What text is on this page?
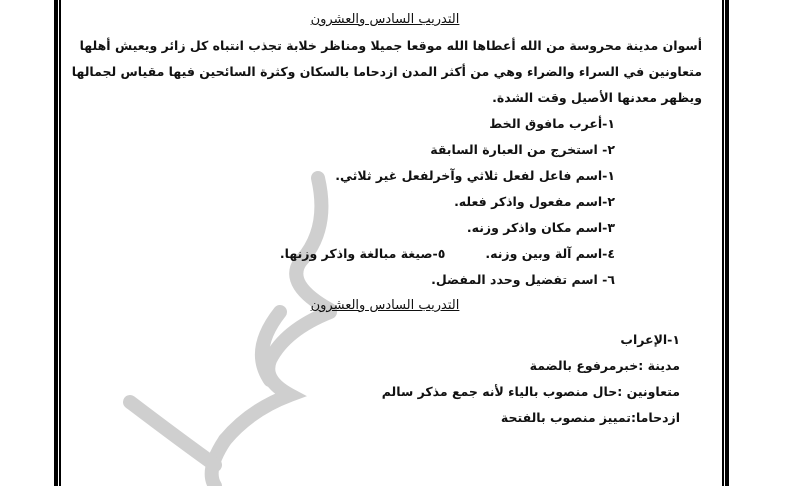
التدريب السادس والعشرون
أسوان مدينة محروسة من الله أعطاها الله موقعا جميلا ومناظر خلابة تجذب انتباه كل زائر ويعيش أهلها
متعاونين في السراء والضراء وهي من أكثر المدن ازدحاما بالسكان وكثرة السائحين فيها مقياس لجمالها
ويظهر معدنها الأصيل وقت الشدة.
١-أعرب مافوق الخط
٢- استخرج من العبارة السابقة
١-اسم فاعل لفعل ثلاثي وآخرلفعل غير ثلاثي.
٢-اسم مفعول واذكر فعله.
٣-اسم مكان واذكر وزنه.
٤-اسم آلة وبين وزنه.
٥-صيغة مبالغة واذكر وزنها.
٦- اسم تفضيل وحدد المفضل.
التدريب السادس والعشرون
١-الإعراب
مدينة :خبرمرفوع بالضمة
متعاونين :حال منصوب بالياء لأنه جمع مذكر سالم
ازدحاما:تمييز منصوب بالفتحة
